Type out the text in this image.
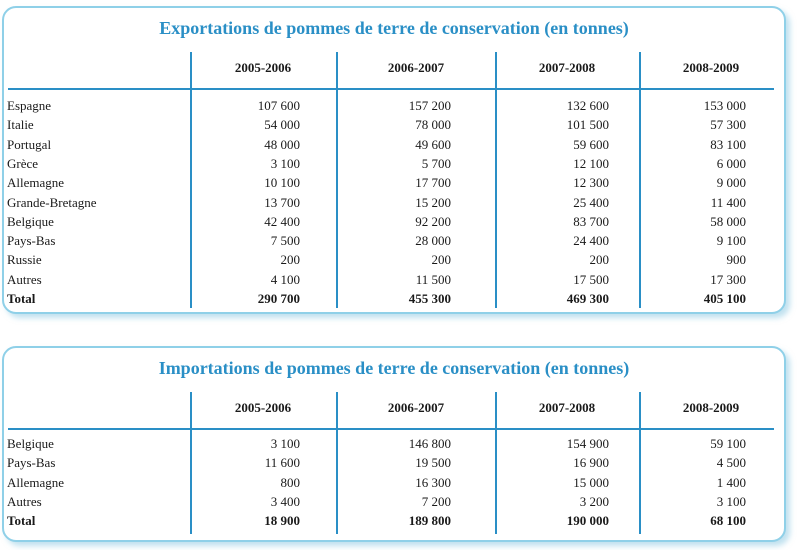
Exportations de pommes de terre de conservation (en tonnes)
2005-2006	2006-2007	2007-2008	2008-2009
Espagne	107 600	157 200	132 600	153 000
Italie	54 000	78 000	101 500	57 300
Portugal	48 000	49 600	59 600	83 100
Grèce	3 100	5 700	12 100	6 000
Allemagne	10 100	17 700	12 300	9 000
Grande-Bretagne	13 700	15 200	25 400	11 400
Belgique	42 400	92 200	83 700	58 000
Pays-Bas	7 500	28 000	24 400	9 100
Russie	200	200	200	900
Autres	4 100	11 500	17 500	17 300
Total	290 700	455 300	469 300	405 100
Importations de pommes de terre de conservation (en tonnes)
2005-2006	2006-2007	2007-2008	2008-2009
Belgique	3 100	146 800	154 900	59 100
Pays-Bas	11 600	19 500	16 900	4 500
Allemagne	800	16 300	15 000	1 400
Autres	3 400	7 200	3 200	3 100
Total	18 900	189 800	190 000	68 100
